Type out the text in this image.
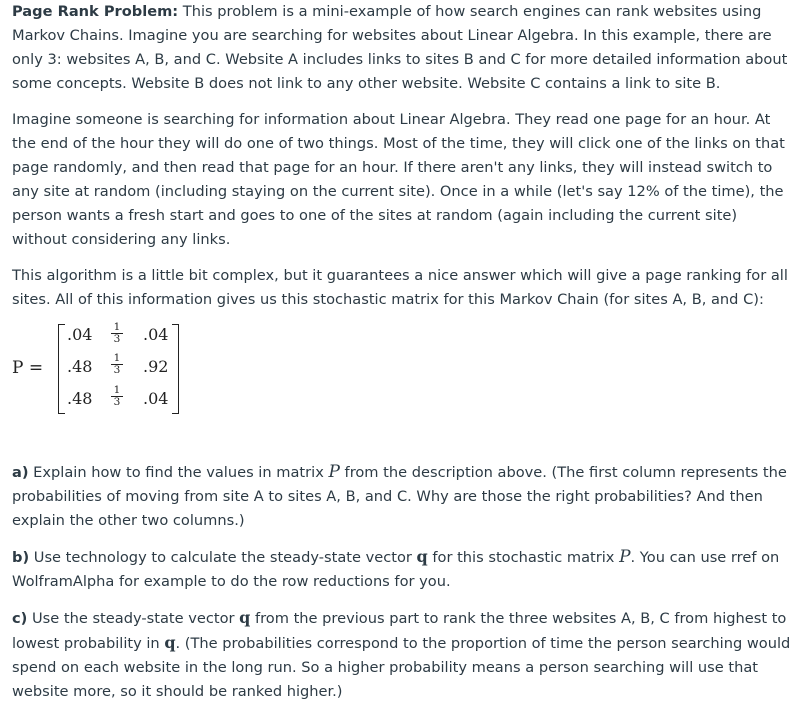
Page Rank Problem: This problem is a mini-example of how search engines can rank websites using Markov Chains. Imagine you are searching for websites about Linear Algebra. In this example, there are only 3: websites A, B, and C. Website A includes links to sites B and C for more detailed information about some concepts. Website B does not link to any other website. Website C contains a link to site B.

Imagine someone is searching for information about Linear Algebra. They read one page for an hour. At the end of the hour they will do one of two things. Most of the time, they will click one of the links on that page randomly, and then read that page for an hour. If there aren't any links, they will instead switch to any site at random (including staying on the current site). Once in a while (let's say 12% of the time), the person wants a fresh start and goes to one of the sites at random (again including the current site) without considering any links.

This algorithm is a little bit complex, but it guarantees a nice answer which will give a page ranking for all sites. All of this information gives us this stochastic matrix for this Markov Chain (for sites A, B, and C):

P =
$.04 \frac{1}{3} .04$
$.48 \frac{1}{3} .92$
$.48 \frac{1}{3} .04$

a) Explain how to find the values in matrix P from the description above. (The first column represents the probabilities of moving from site A to sites A, B, and C. Why are those the right probabilities? And then explain the other two columns.)

b) Use technology to calculate the steady-state vector q for this stochastic matrix P. You can use rref on WolframAlpha for example to do the row reductions for you.

c) Use the steady-state vector q from the previous part to rank the three websites A, B, C from highest to lowest probability in q. (The probabilities correspond to the proportion of time the person searching would spend on each website in the long run. So a higher probability means a person searching will use that website more, so it should be ranked higher.)
